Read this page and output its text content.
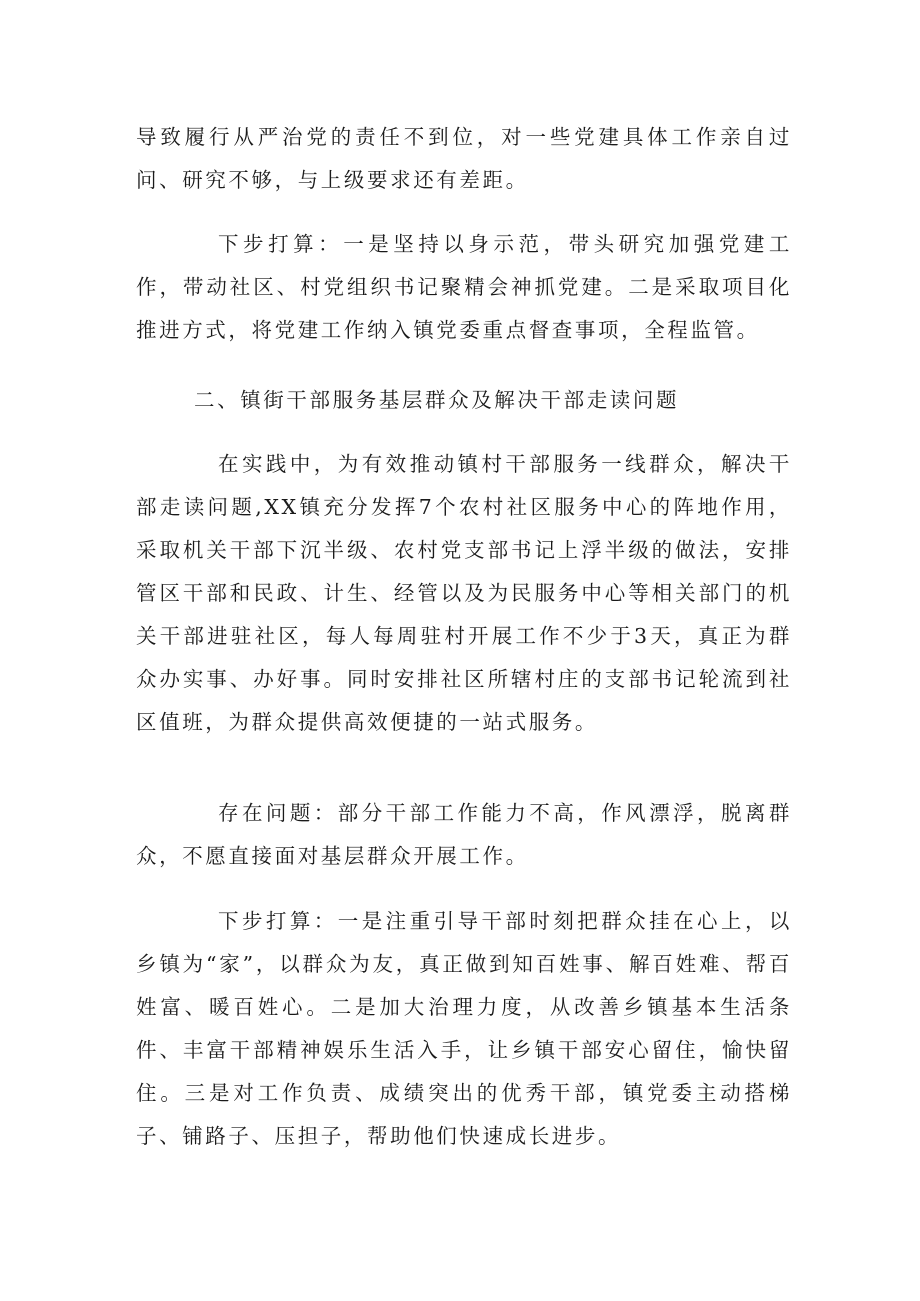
导致履行从严治党的责任不到位，对一些党建具体工作亲自过问、研究不够，与上级要求还有差距。

下步打算：一是坚持以身示范，带头研究加强党建工作，带动社区、村党组织书记聚精会神抓党建。二是采取项目化推进方式，将党建工作纳入镇党委重点督查事项，全程监管。

二、镇街干部服务基层群众及解决干部走读问题

在实践中，为有效推动镇村干部服务一线群众，解决干部走读问题,XX镇充分发挥7个农村社区服务中心的阵地作用，采取机关干部下沉半级、农村党支部书记上浮半级的做法，安排管区干部和民政、计生、经管以及为民服务中心等相关部门的机关干部进驻社区，每人每周驻村开展工作不少于3天，真正为群众办实事、办好事。同时安排社区所辖村庄的支部书记轮流到社区值班，为群众提供高效便捷的一站式服务。

存在问题：部分干部工作能力不高，作风漂浮，脱离群众，不愿直接面对基层群众开展工作。

下步打算：一是注重引导干部时刻把群众挂在心上，以乡镇为“家”，以群众为友，真正做到知百姓事、解百姓难、帮百姓富、暖百姓心。二是加大治理力度，从改善乡镇基本生活条件、丰富干部精神娱乐生活入手，让乡镇干部安心留住，愉快留住。三是对工作负责、成绩突出的优秀干部，镇党委主动搭梯子、铺路子、压担子，帮助他们快速成长进步。
